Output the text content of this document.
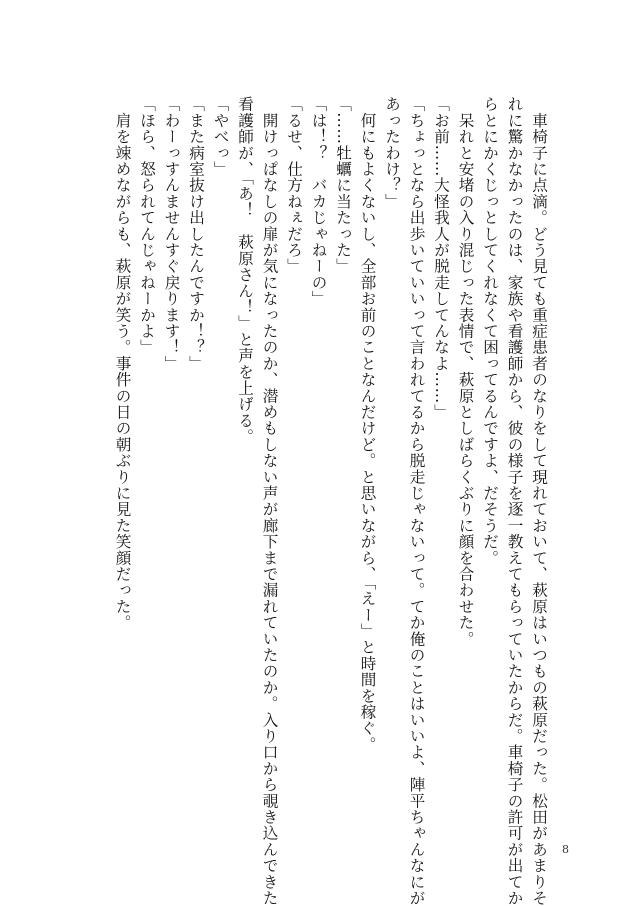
　車椅子に点滴。どう見ても重症患者のなりをして現れておいて、萩原はいつもの萩原だった。松田があまりそ
れに驚かなかったのは、家族や看護師から、彼の様子を逐一教えてもらっていたからだ。車椅子の許可が出てか
らとにかくじっとしてくれなくて困ってるんですよ、だそうだ。
　呆れと安堵の入り混じった表情で、萩原としばらくぶりに顔を合わせた。
「お前……大怪我人が脱走してんなよ……」
「ちょっとなら出歩いていいって言われてるから脱走じゃないって。てか俺のことはいいよ、陣平ちゃんなにが
あったわけ？」
　何にもよくないし、全部お前のことなんだけど。と思いながら、「えー」と時間を稼ぐ。
「……牡蠣に当たった」
「は！？　バカじゃねーの」
「るせ、仕方ねぇだろ」
　開けっぱなしの扉が気になったのか、潜めもしない声が廊下まで漏れていたのか。入り口から覗き込んできた
看護師が、「あ！　萩原さん！」と声を上げる。
「やべっ」
「また病室抜け出したんですか！？」
「わーっすんませんすぐ戻ります！」
「ほら、怒られてんじゃねーかよ」
　肩を竦めながらも、萩原が笑う。事件の日の朝ぶりに見た笑顔だった。
8
